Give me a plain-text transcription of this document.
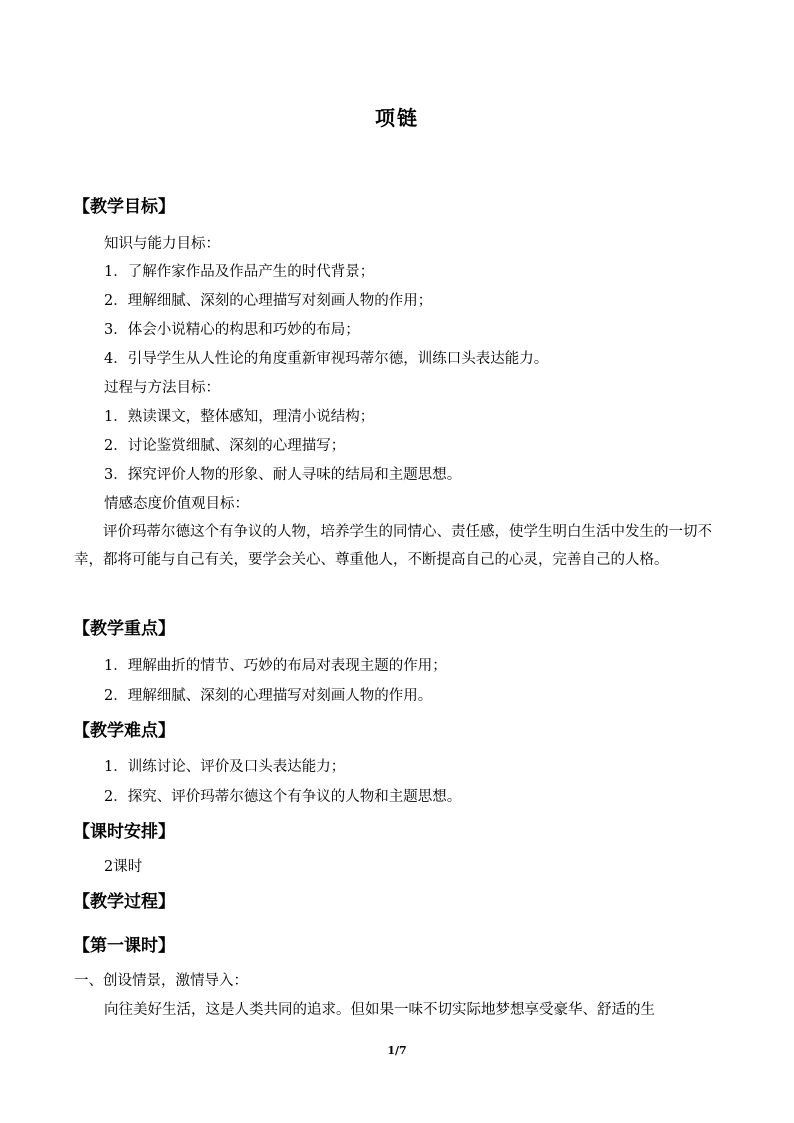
项链
【教学目标】
知识与能力目标：
1．了解作家作品及作品产生的时代背景；
2．理解细腻、深刻的心理描写对刻画人物的作用；
3．体会小说精心的构思和巧妙的布局；
4．引导学生从人性论的角度重新审视玛蒂尔德，训练口头表达能力。
过程与方法目标：
1．熟读课文，整体感知，理清小说结构；
2．讨论鉴赏细腻、深刻的心理描写；
3．探究评价人物的形象、耐人寻味的结局和主题思想。
情感态度价值观目标：
评价玛蒂尔德这个有争议的人物，培养学生的同情心、责任感，使学生明白生活中发生的一切不幸，都将可能与自己有关，要学会关心、尊重他人，不断提高自己的心灵，完善自己的人格。
【教学重点】
1．理解曲折的情节、巧妙的布局对表现主题的作用；
2．理解细腻、深刻的心理描写对刻画人物的作用。
【教学难点】
1．训练讨论、评价及口头表达能力；
2．探究、评价玛蒂尔德这个有争议的人物和主题思想。
【课时安排】
2课时
【教学过程】
【第一课时】
一、创设情景，激情导入：
向往美好生活，这是人类共同的追求。但如果一味不切实际地梦想享受豪华、舒适的生
1/7
